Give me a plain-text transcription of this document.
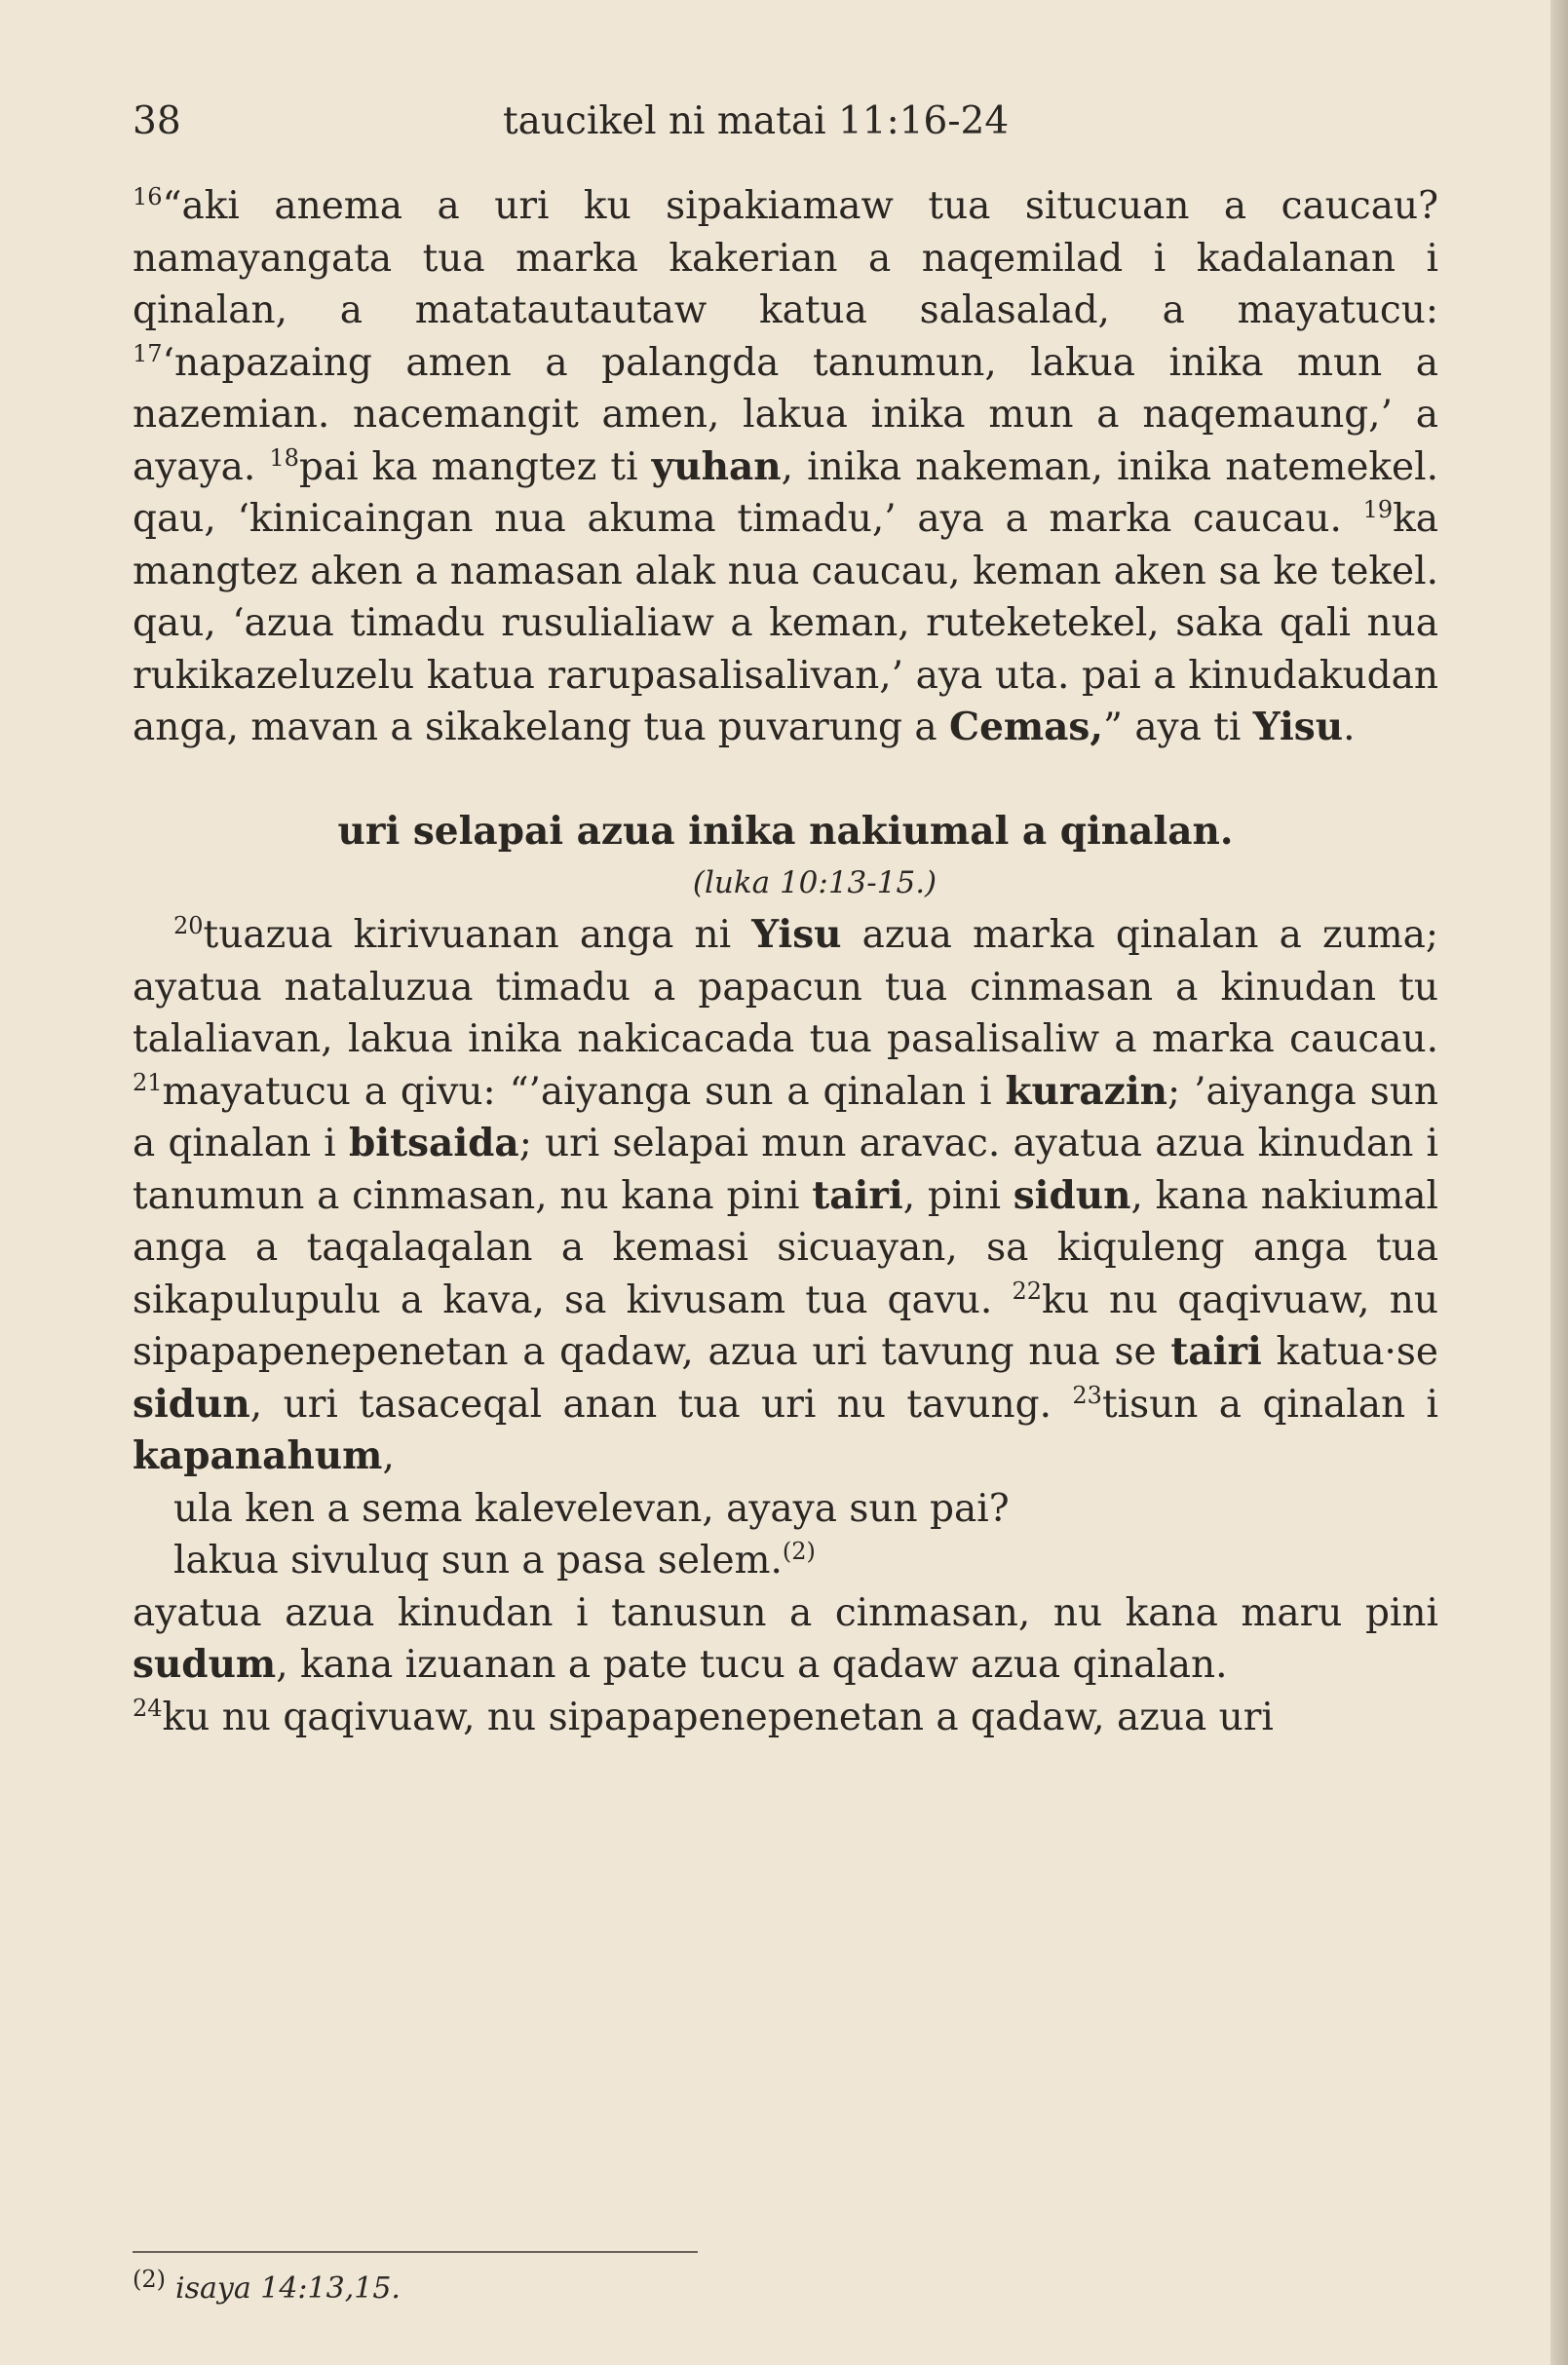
38	taucikel ni matai 11:16-24

$^{16}$“aki anema a uri ku sipakiamaw tua situcuan a caucau? namayangata tua marka kakerian a naqemilad i kadalanan i qinalan, a matatautautaw katua salasalad, a mayatucu: $^{17}$‘napazaing amen a palangda tanumun, lakua inika mun a nazemian. nacemangit amen, lakua inika mun a naqemaung,’ a ayaya. $^{18}$pai ka mangtez ti yuhan, inika nakeman, inika natemekel. qau, ‘kinicaingan nua akuma timadu,’ aya a marka caucau. $^{19}$ka mangtez aken a namasan alak nua caucau, keman aken sa ke tekel. qau, ‘azua timadu rusulialiaw a keman, ruteketekel, saka qali nua rukikazeluzelu katua rarupasalisalivan,’ aya uta. pai a kinudakudan anga, mavan a sikakelang tua puvarung a Cemas,” aya ti Yisu.

uri selapai azua inika nakiumal a qinalan.

(luka 10:13-15.)

$^{20}$tuazua kirivuanan anga ni Yisu azua marka qinalan a zuma; ayatua nataluzua timadu a papacun tua cinmasan a kinudan tu talaliavan, lakua inika nakicacada tua pasalisaliw a marka caucau. $^{21}$mayatucu a qivu: “’aiyanga sun a qinalan i kurazin; ’aiyanga sun a qinalan i bitsaida; uri selapai mun aravac. ayatua azua kinudan i tanumun a cinmasan, nu kana pini tairi, pini sidun, kana nakiumal anga a taqalaqalan a kemasi sicuayan, sa kiquleng anga tua sikapulupulu a kava, sa kivusam tua qavu. $^{22}$ku nu qaqivuaw, nu sipapapenepenetan a qadaw, azua uri tavung nua se tairi katua·se sidun, uri tasaceqal anan tua uri nu tavung. $^{23}$tisun a qinalan i kapanahum,

ula ken a sema kalevelevan, ayaya sun pai?

lakua sivuluq sun a pasa selem.$^{(2)}$

ayatua azua kinudan i tanusun a cinmasan, nu kana maru pini sudum, kana izuanan a pate tucu a qadaw azua qinalan.

$^{24}$ku nu qaqivuaw, nu sipapapenepenetan a qadaw, azua uri

$^{(2)}$ isaya 14:13,15.
